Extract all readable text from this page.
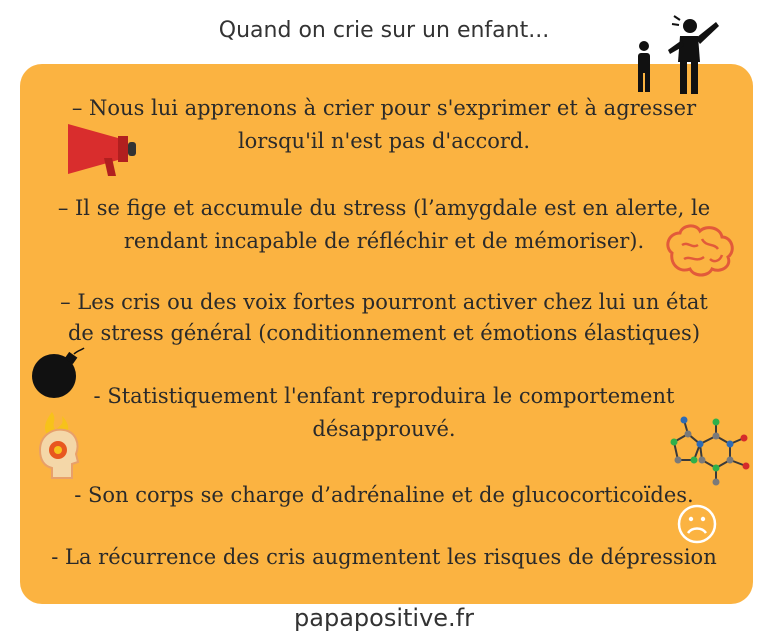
Quand on crie sur un enfant...
– Nous lui apprenons à crier pour s'exprimer et à agresser
lorsqu'il n'est pas d'accord.
– Il se fige et accumule du stress (l’amygdale est en alerte, le
rendant incapable de réfléchir et de mémoriser).
– Les cris ou des voix fortes pourront activer chez lui un état
de stress général (conditionnement et émotions élastiques)
- Statistiquement l'enfant reproduira le comportement
désapprouvé.
- Son corps se charge d’adrénaline et de glucocorticoïdes.
- La récurrence des cris augmentent les risques de dépression
papapositive.fr
